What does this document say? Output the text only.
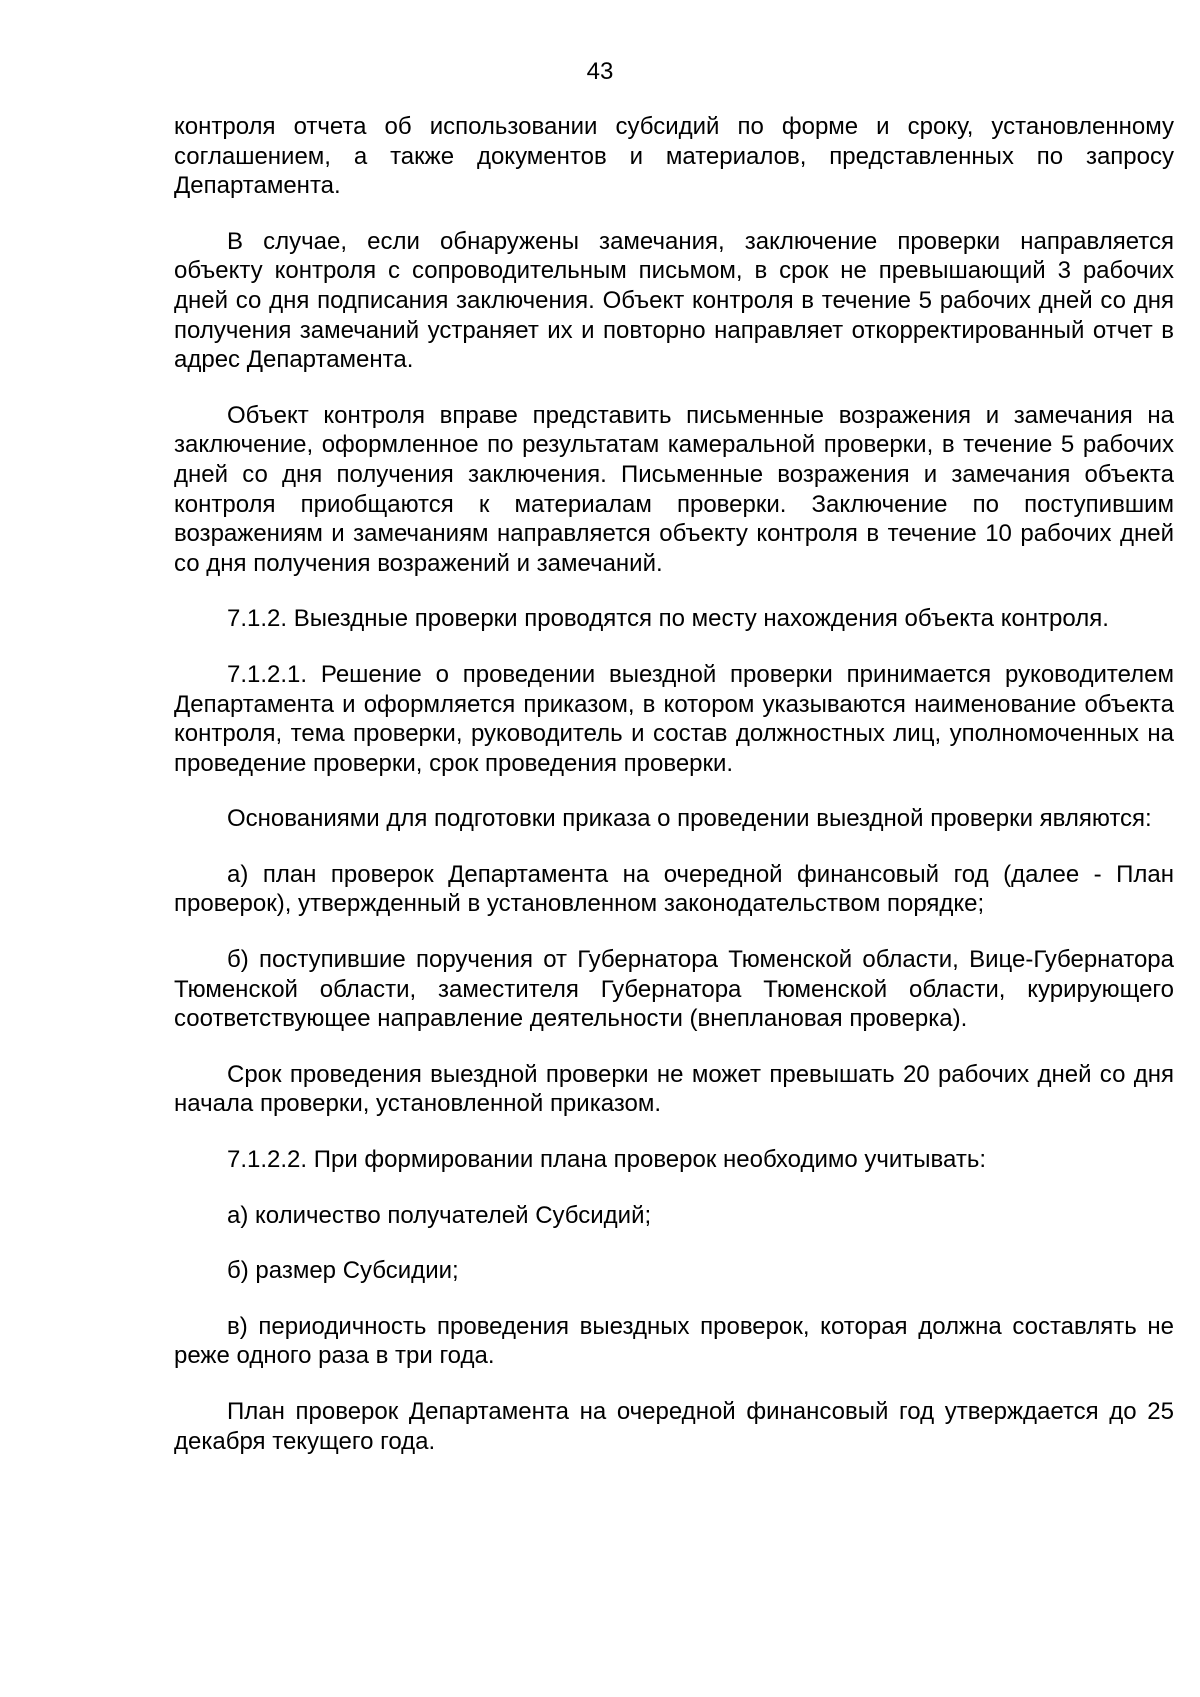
43

контроля отчета об использовании субсидий по форме и сроку, установленному соглашением, а также документов и материалов, представленных по запросу Департамента.

В случае, если обнаружены замечания, заключение проверки направляется объекту контроля с сопроводительным письмом, в срок не превышающий 3 рабочих дней со дня подписания заключения. Объект контроля в течение 5 рабочих дней со дня получения замечаний устраняет их и повторно направляет откорректированный отчет в адрес Департамента.

Объект контроля вправе представить письменные возражения и замечания на заключение, оформленное по результатам камеральной проверки, в течение 5 рабочих дней со дня получения заключения. Письменные возражения и замечания объекта контроля приобщаются к материалам проверки. Заключение по поступившим возражениям и замечаниям направляется объекту контроля в течение 10 рабочих дней со дня получения возражений и замечаний.

7.1.2. Выездные проверки проводятся по месту нахождения объекта контроля.

7.1.2.1. Решение о проведении выездной проверки принимается руководителем Департамента и оформляется приказом, в котором указываются наименование объекта контроля, тема проверки, руководитель и состав должностных лиц, уполномоченных на проведение проверки, срок проведения проверки.

Основаниями для подготовки приказа о проведении выездной проверки являются:

а) план проверок Департамента на очередной финансовый год (далее - План проверок), утвержденный в установленном законодательством порядке;

б) поступившие поручения от Губернатора Тюменской области, Вице-Губернатора Тюменской области, заместителя Губернатора Тюменской области, курирующего соответствующее направление деятельности (внеплановая проверка).

Срок проведения выездной проверки не может превышать 20 рабочих дней со дня начала проверки, установленной приказом.

7.1.2.2. При формировании плана проверок необходимо учитывать:

а) количество получателей Субсидий;

б) размер Субсидии;

в) периодичность проведения выездных проверок, которая должна составлять не реже одного раза в три года.

План проверок Департамента на очередной финансовый год утверждается до 25 декабря текущего года.
